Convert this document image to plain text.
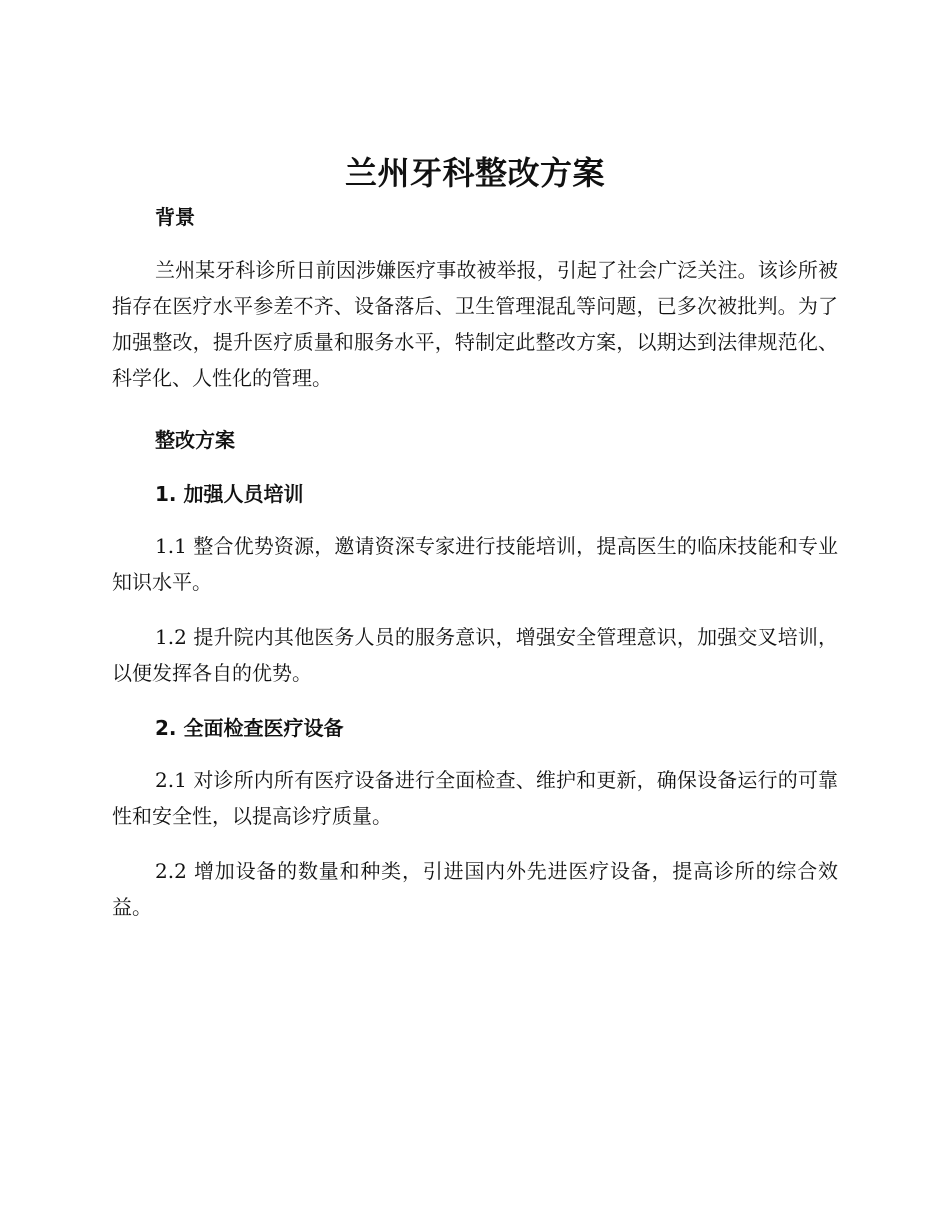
兰州牙科整改方案

背景

兰州某牙科诊所日前因涉嫌医疗事故被举报，引起了社会广泛关注。该诊所被指存在医疗水平参差不齐、设备落后、卫生管理混乱等问题，已多次被批判。为了加强整改，提升医疗质量和服务水平，特制定此整改方案，以期达到法律规范化、科学化、人性化的管理。

整改方案

1. 加强人员培训

1.1 整合优势资源，邀请资深专家进行技能培训，提高医生的临床技能和专业知识水平。

1.2 提升院内其他医务人员的服务意识，增强安全管理意识，加强交叉培训，以便发挥各自的优势。

2. 全面检查医疗设备

2.1 对诊所内所有医疗设备进行全面检查、维护和更新，确保设备运行的可靠性和安全性，以提高诊疗质量。

2.2 增加设备的数量和种类，引进国内外先进医疗设备，提高诊所的综合效益。
